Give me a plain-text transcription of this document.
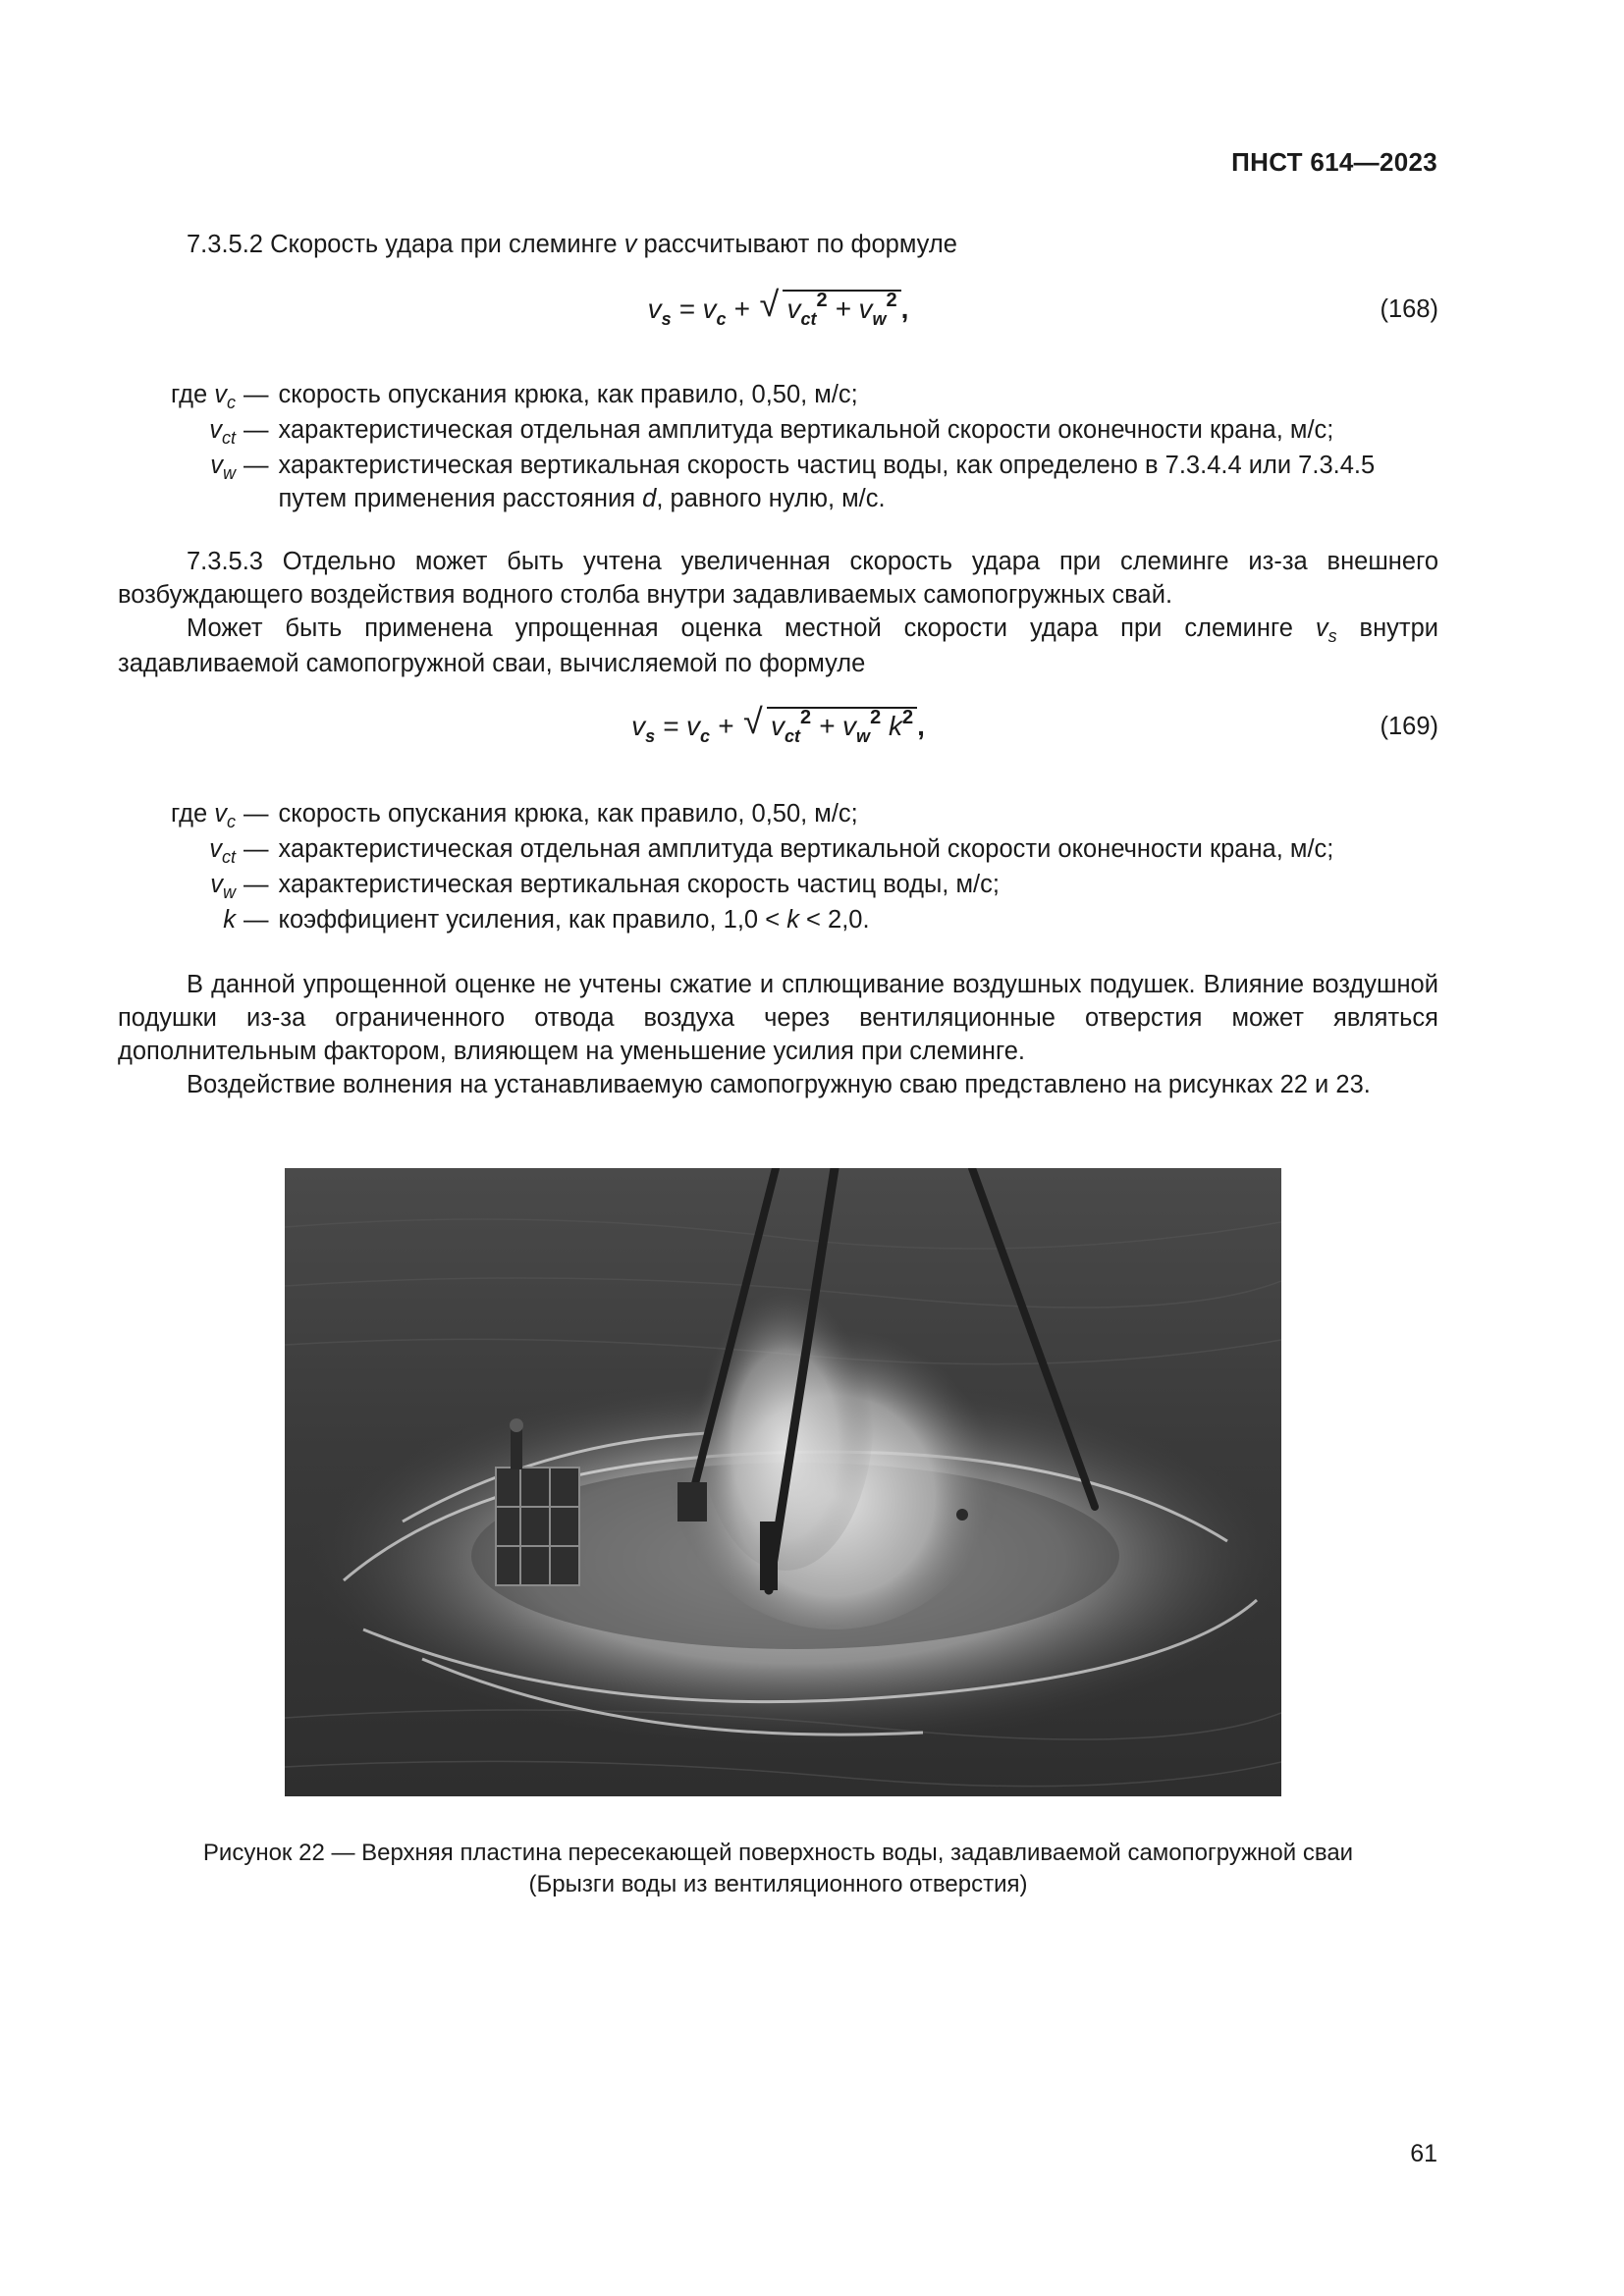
ПНСТ 614—2023

7.3.5.2 Скорость удара при слеминге v рассчитывают по формуле

$v_s = v_c$ + √ $v_{ct}^2 + v_w^2$ ,	(168)
где $v_c$ — скорость опускания крюка, как правило, 0,50, м/с;
$v_{ct}$ — характеристическая отдельная амплитуда вертикальной скорости оконечности крана, м/с;
$v_w$ — характеристическая вертикальная скорость частиц воды, как определено в 7.3.4.4 или 7.3.4.5 путем применения расстояния d, равного нулю, м/с.

7.3.5.3 Отдельно может быть учтена увеличенная скорость удара при слеминге из-за внешнего возбуждающего воздействия водного столба внутри задавливаемых самопогружных свай.

Может быть применена упрощенная оценка местной скорости удара при слеминге $v_s$ внутри задавливаемой самопогружной сваи, вычисляемой по формуле

$v_s = v_c$ + √ $v_{ct}^2 + v_w^2$ $k^2$ ,	(169)
где $v_c$ — скорость опускания крюка, как правило, 0,50, м/с;
$v_{ct}$ — характеристическая отдельная амплитуда вертикальной скорости оконечности крана, м/с;
$v_w$ — характеристическая вертикальная скорость частиц воды, м/с;
k — коэффициент усиления, как правило, 1,0 < k < 2,0.

В данной упрощенной оценке не учтены сжатие и сплющивание воздушных подушек. Влияние воздушной подушки из-за ограниченного отвода воздуха через вентиляционные отверстия может являться дополнительным фактором, влияющем на уменьшение усилия при слеминге.

Воздействие волнения на устанавливаемую самопогружную сваю представлено на рисунках 22 и 23.

Рисунок 22 — Верхняя пластина пересекающей поверхность воды, задавливаемой самопогружной сваи
(Брызги воды из вентиляционного отверстия)
61
